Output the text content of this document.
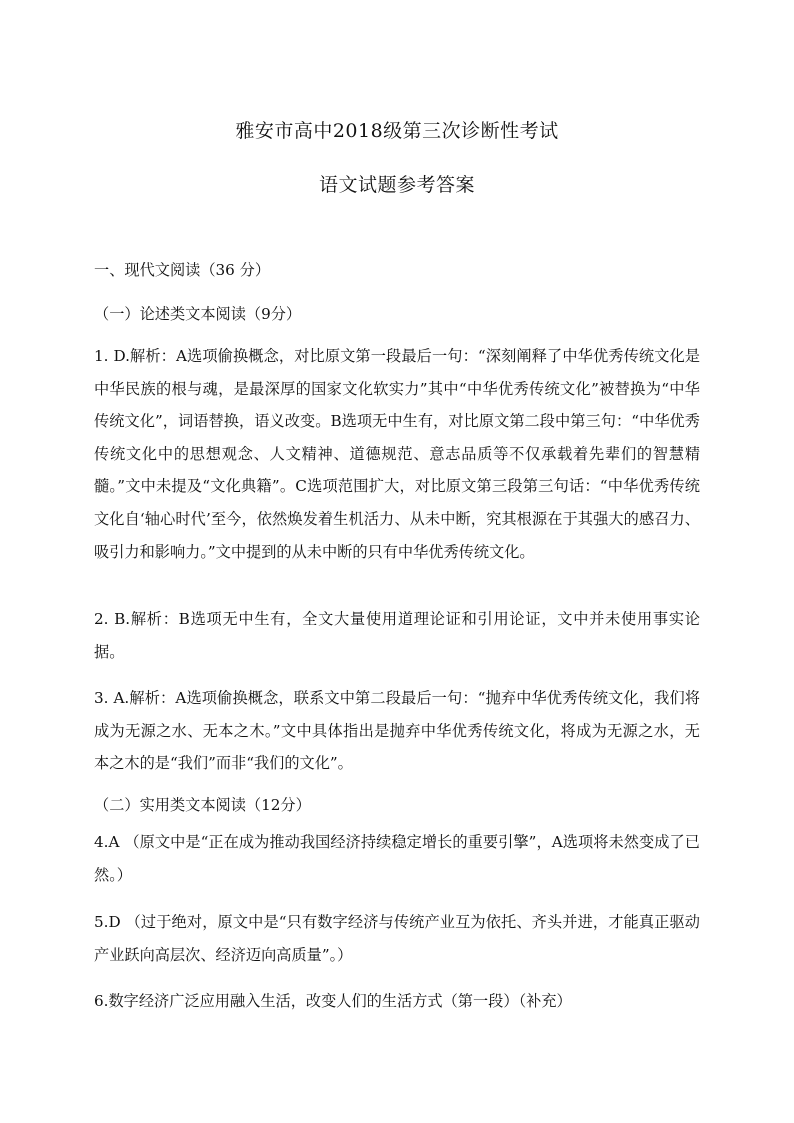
雅安市高中2018级第三次诊断性考试
语文试题参考答案
一、现代文阅读（36 分）
（一）论述类文本阅读（9分）

1. D.解析：A选项偷换概念，对比原文第一段最后一句：“深刻阐释了中华优秀传统文化是中华民族的根与魂，是最深厚的国家文化软实力”其中“中华优秀传统文化”被替换为“中华传统文化”，词语替换，语义改变。B选项无中生有，对比原文第二段中第三句：“中华优秀传统文化中的思想观念、人文精神、道德规范、意志品质等不仅承载着先辈们的智慧精髓。”文中未提及“文化典籍”。C选项范围扩大，对比原文第三段第三句话：“中华优秀传统文化自‘轴心时代’至今，依然焕发着生机活力、从未中断，究其根源在于其强大的感召力、吸引力和影响力。”文中提到的从未中断的只有中华优秀传统文化。

2. B.解析：B选项无中生有，全文大量使用道理论证和引用论证，文中并未使用事实论据。

3. A.解析：A选项偷换概念，联系文中第二段最后一句：“抛弃中华优秀传统文化，我们将成为无源之水、无本之木。”文中具体指出是抛弃中华优秀传统文化，将成为无源之水，无本之木的是“我们”而非“我们的文化”。

（二）实用类文本阅读（12分）

4.A （原文中是“正在成为推动我国经济持续稳定增长的重要引擎”，A选项将未然变成了已然。）

5.D （过于绝对，原文中是“只有数字经济与传统产业互为依托、齐头并进，才能真正驱动产业跃向高层次、经济迈向高质量”。）

6.数字经济广泛应用融入生活，改变人们的生活方式（第一段）（补充）
